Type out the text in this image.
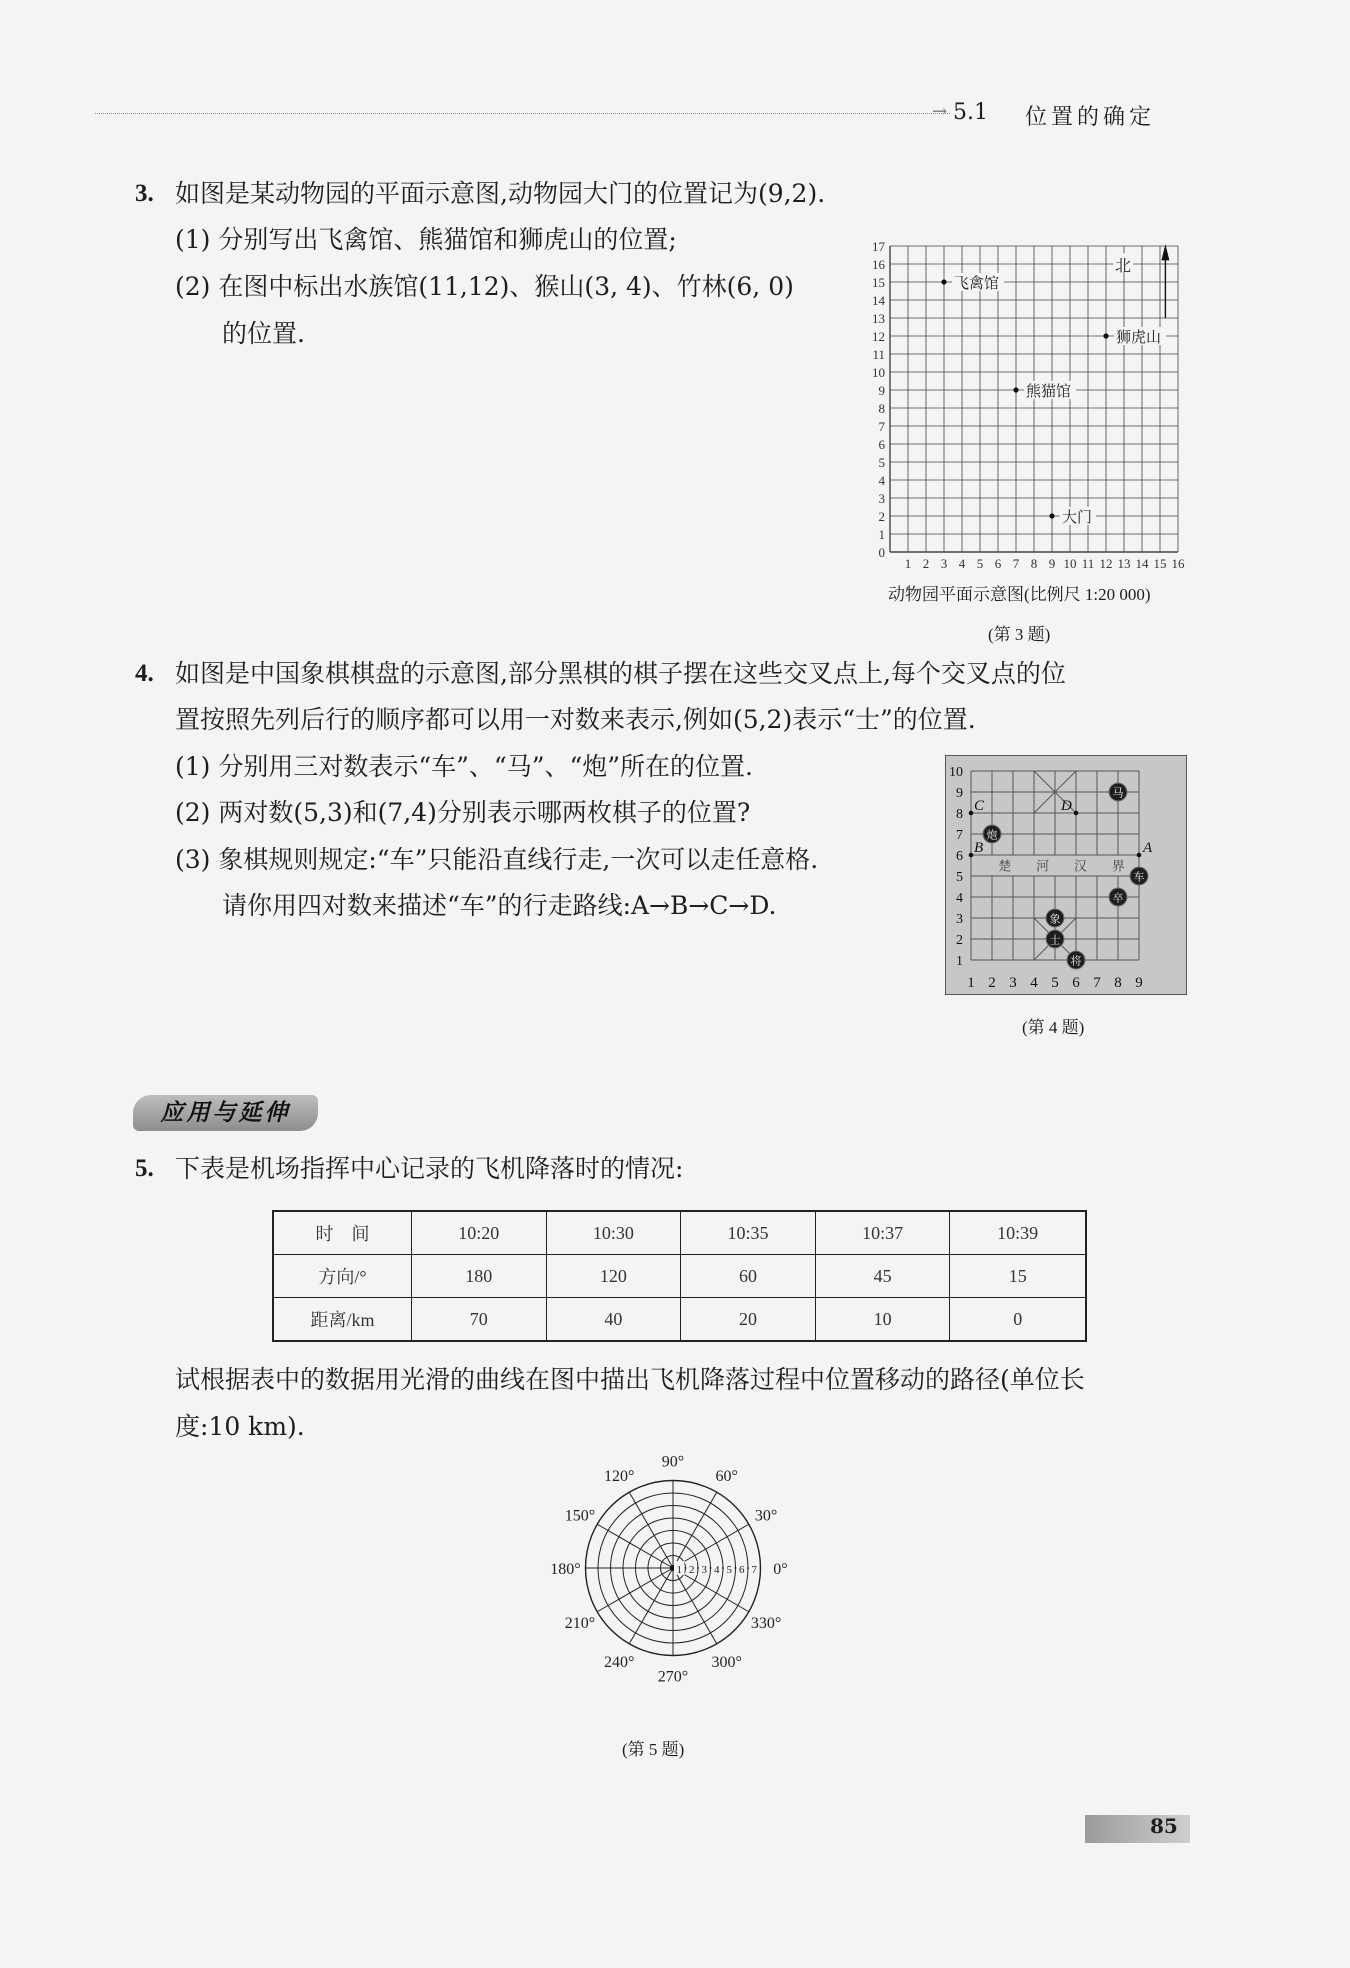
→ 5.1 位置的确定
3. 如图是某动物园的平面示意图,动物园大门的位置记为(9,2).
(1) 分别写出飞禽馆、熊猫馆和狮虎山的位置;
(2) 在图中标出水族馆(11,12)、猴山(3, 4)、竹林(6, 0)
的位置.
1 2 3 4 5 6 7 8 9 10 11 12 13 14 15 16
0
1
2
3
4
5
6
7
8
9
10
11
12
13
14
15
16
17
飞禽馆
狮虎山
熊猫馆
大门
北
动物园平面示意图(比例尺 1:20 000)
(第 3 题)
4. 如图是中国象棋棋盘的示意图,部分黑棋的棋子摆在这些交叉点上,每个交叉点的位
置按照先列后行的顺序都可以用一对数来表示,例如(5,2)表示“士”的位置.
(1) 分别用三对数表示“车”、“马”、“炮”所在的位置.
(2) 两对数(5,3)和(7,4)分别表示哪两枚棋子的位置?
(3) 象棋规则规定:“车”只能沿直线行走,一次可以走任意格.
请你用四对数来描述“车”的行走路线:A→B→C→D.
楚 河 汉 界
1 2 3 4 5 6 7 8 9
1
2
3
4
5
6
7
8
9
10
A
B
C	D
马
炮
车
卒
象
士
将
(第 4 题)
应用与延伸
5. 下表是机场指挥中心记录的飞机降落时的情况:
时　间	10:20	10:30	10:35	10:37	10:39
方向/°	180	120	60	45	15
距离/km	70	40	20	10	0
试根据表中的数据用光滑的曲线在图中描出飞机降落过程中位置移动的路径(单位长
度:10 km).
0°
30°
60°
90°
120°
150°
180°
210°
240°
270°
300°
330°
1 2 3 4 5 6 7
(第 5 题)
85
